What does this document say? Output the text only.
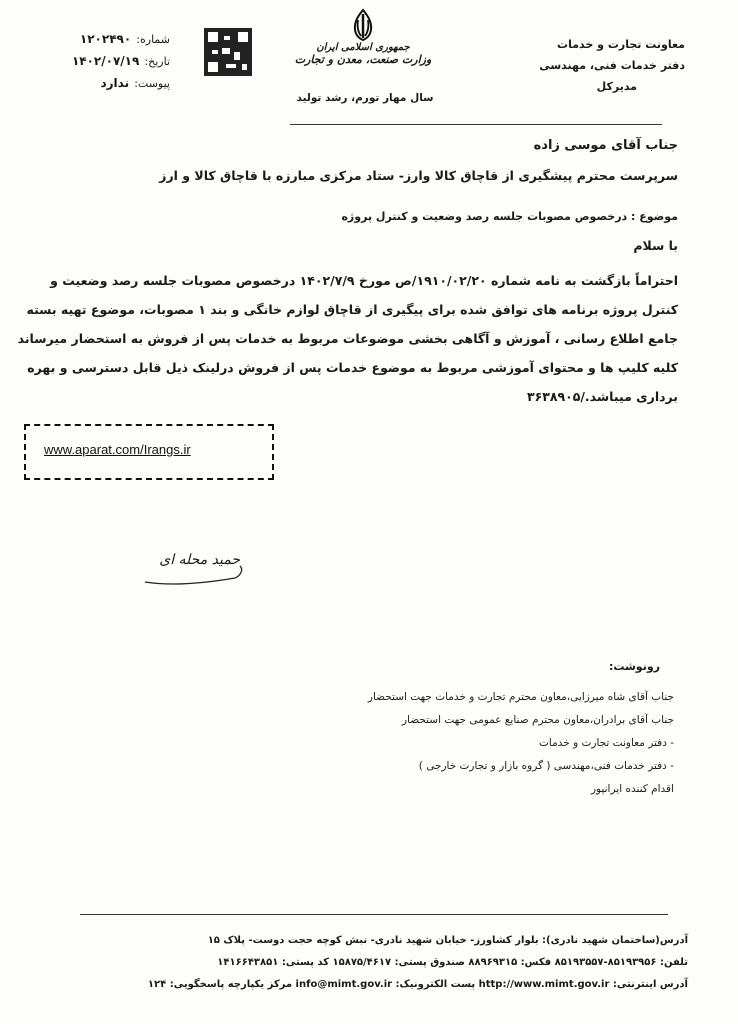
شماره: ۱۲۰۲۴۹۰
تاریخ: ۱۴۰۲/۰۷/۱۹
پیوست: ندارد
جمهوری اسلامی ایران
وزارت صنعت، معدن و تجارت
سال مهار تورم، رشد تولید
معاونت تجارت و خدمات
دفتر خدمات فنی، مهندسی
مدیرکل
جناب آقای موسی زاده
سرپرست محترم پیشگیری از قاچاق کالا وارز- ستاد مرکزی مبارزه با قاچاق کالا و ارز
موضوع : درخصوص مصوبات جلسه رصد وضعیت و کنترل پروژه
با سلام
احتراماً بازگشت به نامه شماره ۱۹۱۰/۰۲/۲۰/ص مورخ ۱۴۰۲/۷/۹ درخصوص مصوبات جلسه رصد وضعیت و
کنترل پروژه برنامه های توافق شده برای پیگیری از قاچاق لوازم خانگی و بند ۱ مصوبات، موضوع تهیه بسته
جامع اطلاع رسانی ، آموزش و آگاهی بخشی موضوعات مربوط به خدمات پس از فروش به استحضار میرساند
کلیه کلیپ ها و محتوای آموزشی مربوط به موضوع خدمات پس از فروش درلینک ذیل قابل دسترسی و بهره
برداری میباشد./۳۶۳۸۹۰۵
www.aparat.com/Irangs.ir
حمید محله ای
رونوشت:
جناب آقای شاه میرزایی،معاون محترم تجارت و خدمات جهت استحضار
جناب آقای برادران،معاون محترم صنایع عمومی جهت استحضار
- دفتر معاونت تجارت و خدمات
- دفتر خدمات فنی،مهندسی ( گروه بازار و تجارت خارجی )
اقدام کننده ایرانپور
آدرس(ساختمان شهید نادری): بلوار کشاورز- خیابان شهید نادری- نبش کوچه حجت دوست- پلاک ۱۵
تلفن: ۸۵۱۹۳۹۵۶-۸۵۱۹۳۵۵۷ فکس: ۸۸۹۶۹۳۱۵ صندوق پستی: ۱۵۸۷۵/۴۶۱۷ کد پستی: ۱۴۱۶۶۴۳۸۵۱
آدرس اینترنتی: http://www.mimt.gov.ir پست الکترونیک: info@mimt.gov.ir مرکز یکپارچه پاسخگویی: ۱۲۴
